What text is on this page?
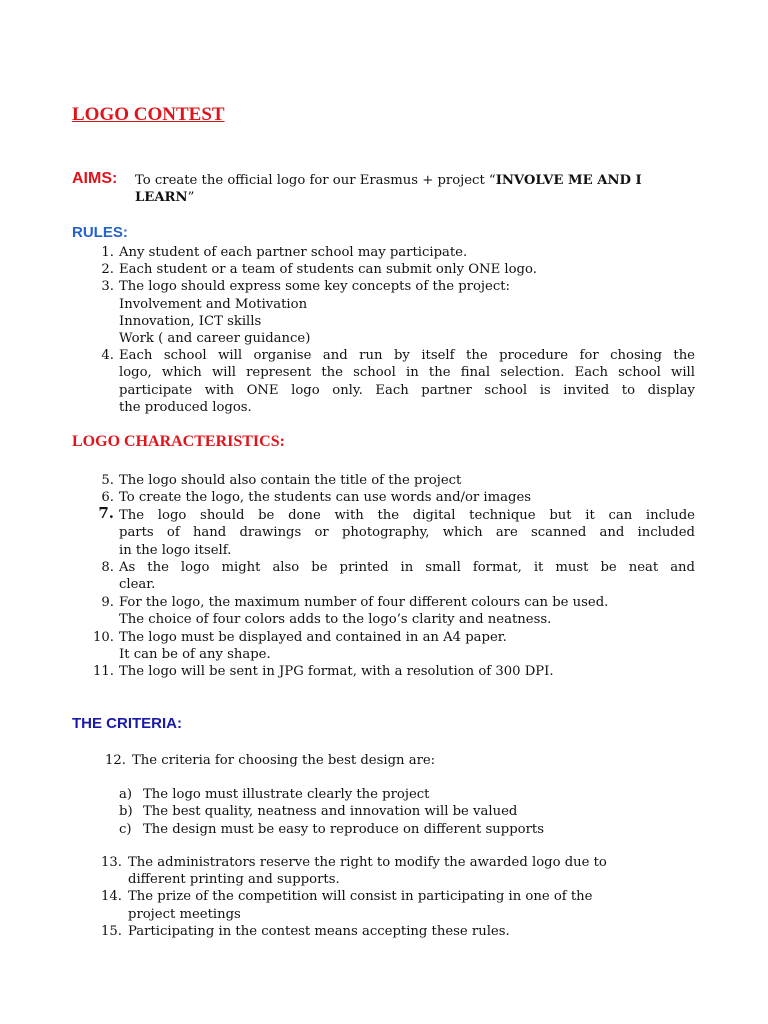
LOGO CONTEST
AIMS: To create the official logo for our Erasmus + project “INVOLVE ME AND I
LEARN”
RULES:
1. Any student of each partner school may participate.
2. Each student or a team of students can submit only ONE logo.
3. The logo should express some key concepts of the project:
Involvement and Motivation
Innovation, ICT skills
Work ( and career guidance)
4. Each school will organise and run by itself the procedure for chosing the
logo, which will represent the school in the final selection. Each school will
participate with ONE logo only. Each partner school is invited to display
the produced logos.
LOGO CHARACTERISTICS:
5. The logo should also contain the title of the project
6. To create the logo, the students can use words and/or images
7. The logo should be done with the digital technique but it can include
parts of hand drawings or photography, which are scanned and included
in the logo itself.
8. As the logo might also be printed in small format, it must be neat and
clear.
9. For the logo, the maximum number of four different colours can be used.
The choice of four colors adds to the logo’s clarity and neatness.
10. The logo must be displayed and contained in an A4 paper.
It can be of any shape.
11. The logo will be sent in JPG format, with a resolution of 300 DPI.
THE CRITERIA:
12. The criteria for choosing the best design are:
a) The logo must illustrate clearly the project
b) The best quality, neatness and innovation will be valued
c) The design must be easy to reproduce on different supports
13. The administrators reserve the right to modify the awarded logo due to
different printing and supports.
14. The prize of the competition will consist in participating in one of the
project meetings
15. Participating in the contest means accepting these rules.
